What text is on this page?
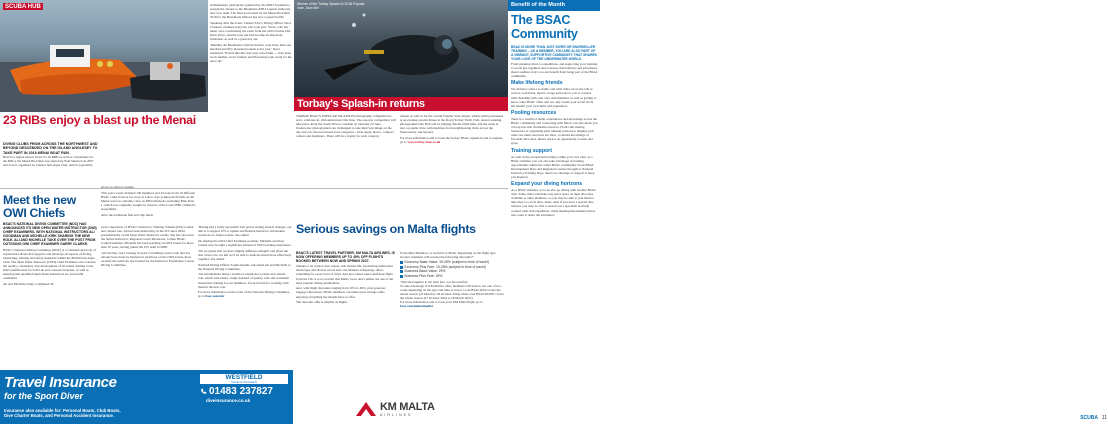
SCUBA HUB
23 RIBs enjoy a blast up the Menai

DIVING CLUBS FROM ACROSS THE NORTHWEST AND BEYOND DESCENDED ON THE ISLAND ANGLESEY TO TAKE PART IN 2018 MENAI BOAT RUN.

Held in a region known 'blast' for its RIBs as well as a fundraiser for the RNLI, the Menai Boat Run was started by Paul Sherlock in 2007 and is now organised by Chester Sub-Aqua Club. And its popularity

shows no sign of waning.

This year's event included 130 members and 23 boats from 19 different BSAC clubs from as far away as Luton. Also joining the flotilla on the Menai were two Atlantic class on RNLI lifeboats, including Blue Peter 1, which was originally bought by viewers of the iconic BBC children's programme.

After the traditional fish and chip lunch

in Beaumaris, participants gathered by the RNLI boatshed to present the cheque to the Beaumaris RNLI Launch Authority and crew team. The final total raised by the Menai Boat Run 2018 for the Beaumaris lifeboat has now topped £4,200.

Speaking after the event, Chester SAC's Diving Officer Steve Clarkson, thanked everyone who took part: 'Steve, who has taken over coordinating the event from the club's former DO, Dave Parry, said the boat run had become an important fundraiser as well as a great day out.

'Running the Beaumaris Lifeboat Station costs more than one hundred and fifty thousand pounds every year,' Steve explained. 'Events like this don't just raise funds — they keep boats fuelled, crews trained, and lifesaving work ready for the next call.'

Winner of the Torbay Splash-In 2018 Popular Vote, Sam Birt
Torbay's Splash-in returns

TORBAY BSAC'S POPULAR SPLASH-IN photography competition is set to celebrate its 16th anniversary this June. The one-day competition will take place along the South Devon coastline on Saturday 22 June. Underwater photographers are challenged to take their best image on the day and can choose between four categories - wide angle, macro, compact camera and beginners. There will be a trophy for each category

winner as well as for the overall Popular Vote winner, which will be presented at an evening awards dinner at the Royal Torbay Yacht Club. Award-winning photographer Dan Bolt will be judging this the ninth time, and the event is also a popular draw with members from neighbouring clubs across the Westcountry and beyond.

For more information and to book the Torbay BSAC Splash-in and to register, go to www.torbay-bsac.co.uk

Meet the new OWI Chiefs

BSAC'S NATIONAL DIVING COMMITTEE (NDC) HAS ANNOUNCED ITS NEW OPEN WATER INSTRUCTOR (OWI) CHIEF EXAMINERS, WITH NATIONAL INSTRUCTORS ALI GOODMAN AND MICHELLE KIRK SHARING THE NEW ROLE. ALI AND MICHELLE TAKE OVER THE POST FROM OUTGOING OWI CHIEF EXAMINER GARRY CLARKE.

BSAC's National Diving Committee (NDC) is a volunteer-led body of experienced divers that supports and develops all aspects of diving, instructing, training and safety standards within the British Sub-Aqua Club. The Open Water Instructor (OWI) Chief Examiner role oversees the quality, consistency and development of all exams relating to the OWI qualification for both UK and overseas branches, as well as ensuring that qualified Open Water Instructors are successful candidates.

Ali and Michelle bring a combined 36

years' experience of BSAC's Instructor Training Scheme (ITS) to their new shared role. Ali has been instructing on the ITS since 2004, predominantly on the Open Water Instructor events. She has also been the Senior Instructor, Regional Coach Moderator, former BSAC Council member. Michelle has been teaching on OWI events for more than 10 years, having joined the ITS team in 2008.

'Ali and they were looking forward to building on the work that has already been done by Instructors and those on the OWI events, most recently the team run day formed for the Instructor Foundation Course Diving Committee.

'Having had a really successful trial period testing several changes, our aim is to support ITS to update and flexible instructor and student resources for future events,' she added.

On sharing the OWI Chief Examiner position, Michelle said they rotated very brought a significant amount of OWI teaching experience.

'We recognise that we have slightly different strengths and given the size of the role, we felt we'd be able to dedicate much more effectively together,' she added.

National Diving Officer Sophie Rennie welcomed Ali and Michelle to the National Diving Committee.

'Ali and Michelle bring a wealth of experience to their new shared role, which will ensure a high standard of quality, safe and consistent instruction training for our members. I look forward to working with them in the new role.'

For more information on the work of the National Diving Committee, go to bsac.com/ndc

Serious savings on Malta flights

BSAC'S LATEST TRAVEL PARTNER, KM MALTA AIRLINES, IS NOW OFFERING MEMBERS UP TO 49% OFF FLIGHTS BOOKED BETWEEN NOW AND SPRING 2027.

Thanks to its crystal clear waters, rich marine life, fascinating underwater landscapes and diverse wreck sites, the Maltese archipelago offers something for every level of diver. And just a three-and-a-half hour flight from the UK, it is no wonder that Malta, Gozo and Comino are one of the most popular diving destinations.

And, with flight discounts ranging from 19% to 49%, plus generous luggage allowances, BSAC members can make great savings while enjoying everything the islands have to offer.

The discount offer is eligible on flights

from either Heathrow or Gatwick to Malta. Depending on the flight type booked, members will receive the following discounts*:

Economy Basic Value: 19-25% (subject to time of travel)
Economy Plus Fare: 19-25% (subject to time of travel)
Business Basic Value: 29%
Business Plus Fare: 29%

*Discount applies to the base fare, not tax and fuel.

To take advantage of KM Malta's offer, members will need to use one of two codes depending on the type and time of travel. Code BSAC2020 covers the winter season (23 March to 26 October 2024) while code BSAC2020W covers the winter season (27 October 2024 to 28 March 2025).

For more information and to book your KM Malta flight, go to bsac.com/kmmaltaoffer

KM MALTA
AIRLINES
Travel Insurance
for the Sport Diver
WESTFIELD
Insurance Consultants
01483 237827
diveinsurance.co.uk
Insurance also available for: Personal Boats, Club Boats,
Dive Charter Boats, and Personal Accident Insurance.
Benefit of the Month
The BSAC Community

BSAC IS MORE THAN JUST DIVER OR SNORKELLER TRAINING – AS A MEMBER, YOU ARE ALSO PART OF A VIBRANT, SUPPORTIVE COMMUNITY THAT SHARES YOUR LOVE OF THE UNDERWATER WORLD.

From planning dives to expeditions, and supporting your training, to social get-togethers and overseas club holidays and adventures, there's endless ways you can benefit from being part of the BSAC community.

Make lifelong friends

We all know what a sociable, and with clubs across the UK as well as worldwide, there's a large network for you to connect with. Bonding with your own club members as well as getting to know other BSAC clubs will not only widen your social circle but benefit your own skills and experience.

Pooling resources

There is a wealth of skills, experiences and knowledge across the BSAC community and connecting with fellow can also mean you can tap into that invaluable resource. From club sharing instructors or organising joint training sessions to helping each other out when resources are short, to shared knowledge of favourite dive sites, there's always an opportunity to learn and grow.

Training support

As well as the exceptional training within your own club, as a BSAC member you can also take advantage of training opportunities within the wider BSAC community. From BSAC Development Days and Regional Coaches through to National Instructor Training Days, there's no shortage of support to keep you inspired.

Expand your diving horizons

As a BSAC member, you can also go diving with another BSAC club. Some clubs will make any space spare on their dive trips available to other members, so you may be able to join them to take trips to a local dive center. And, if you have a special dive interest, you may be able to search out a specialist and help connect with club expedition, while meeting like-minded divers who want to share the adventure!

SCUBA 11
